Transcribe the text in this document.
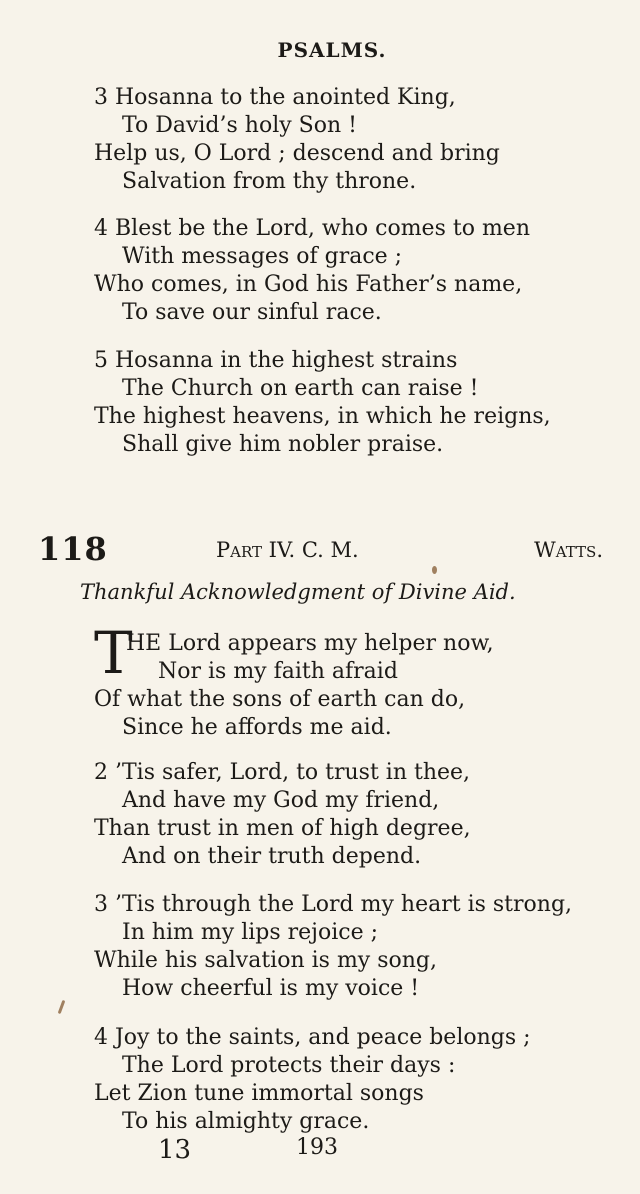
PSALMS.
3 Hosanna to the anointed King,
To David’s holy Son !
Help us, O Lord ; descend and bring
Salvation from thy throne.
4 Blest be the Lord, who comes to men
With messages of grace ;
Who comes, in God his Father’s name,
To save our sinful race.
5 Hosanna in the highest strains
The Church on earth can raise !
The highest heavens, in which he reigns,
Shall give him nobler praise.
118	Part IV. C. M.	Watts.
Thankful Acknowledgment of Divine Aid.
T
HE Lord appears my helper now,
Nor is my faith afraid
Of what the sons of earth can do,
Since he affords me aid.
2 ’Tis safer, Lord, to trust in thee,
And have my God my friend,
Than trust in men of high degree,
And on their truth depend.
3 ’Tis through the Lord my heart is strong,
In him my lips rejoice ;
While his salvation is my song,
How cheerful is my voice !
4 Joy to the saints, and peace belongs ;
The Lord protects their days :
Let Zion tune immortal songs
To his almighty grace.
13	193
